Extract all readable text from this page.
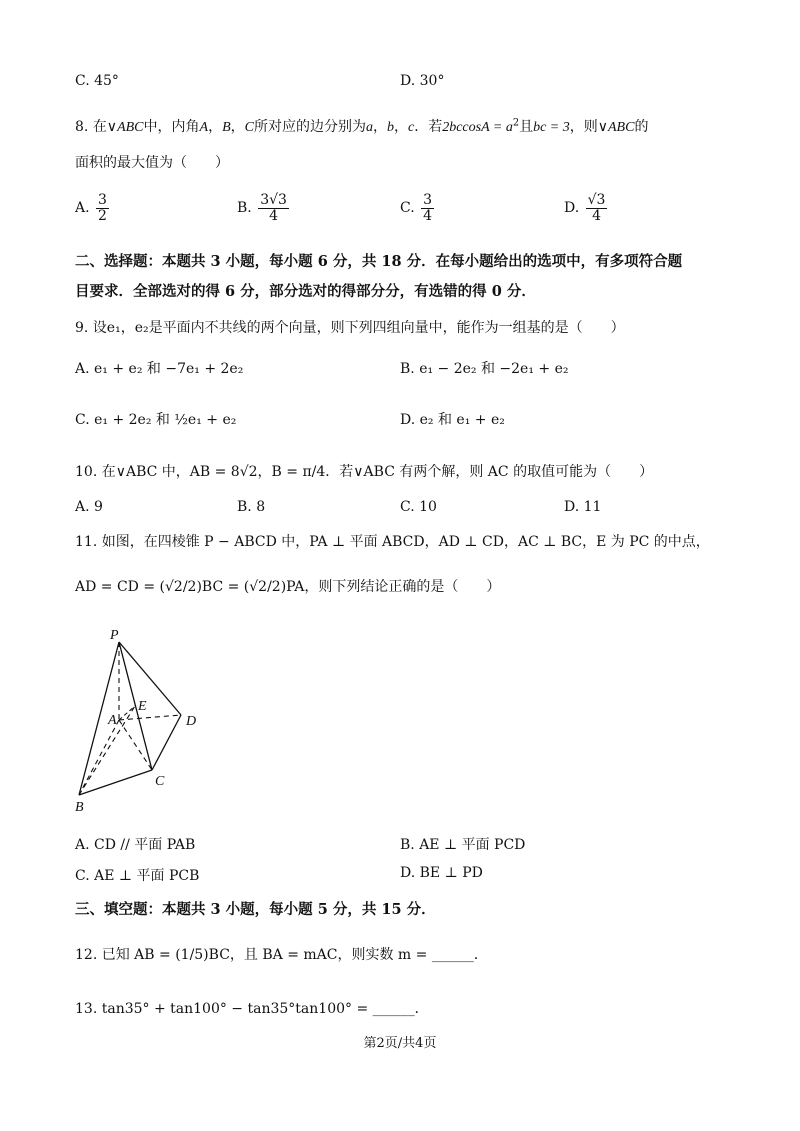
C. 45°	D. 30°
8. 在∨ABC中，内角A，B，C所对应的边分别为a，b，c．若$2bccosA = a^2$且bc = 3，则∨ABC的
面积的最大值为（　　）
A. $\frac{3}{2}$	B. $\frac{3√3}{4}$	C. $\frac{3}{4}$	D. $\frac{√3}{4}$
二、选择题：本题共 3 小题，每小题 6 分，共 18 分．在每小题给出的选项中，有多项符合题
目要求．全部选对的得 6 分，部分选对的得部分分，有选错的得 0 分．
9. 设e₁，e₂是平面内不共线的两个向量，则下列四组向量中，能作为一组基的是（　　）
A. e₁ + e₂ 和 −7e₁ + 2e₂	B. e₁ − 2e₂ 和 −2e₁ + e₂
C. e₁ + 2e₂ 和 ½e₁ + e₂	D. e₂ 和 e₁ + e₂
10. 在∨ABC 中，AB = 8√2，B = π/4．若∨ABC 有两个解，则 AC 的取值可能为（　　）
A. 9	B. 8	C. 10	D. 11
11. 如图，在四棱锥 P − ABCD 中，PA ⊥ 平面 ABCD，AD ⊥ CD，AC ⊥ BC，E 为 PC 的中点，
AD = CD = (√2/2)BC = (√2/2)PA，则下列结论正确的是（　　）
P
E
A	D
C
B
A. CD // 平面 PAB	B. AE ⊥ 平面 PCD
C. AE ⊥ 平面 PCB	D. BE ⊥ PD
三、填空题：本题共 3 小题，每小题 5 分，共 15 分．
12. 已知 AB = (1/5)BC，且 BA = mAC，则实数 m = ______．
13. tan35° + tan100° − tan35°tan100° = ______．
第2页/共4页
